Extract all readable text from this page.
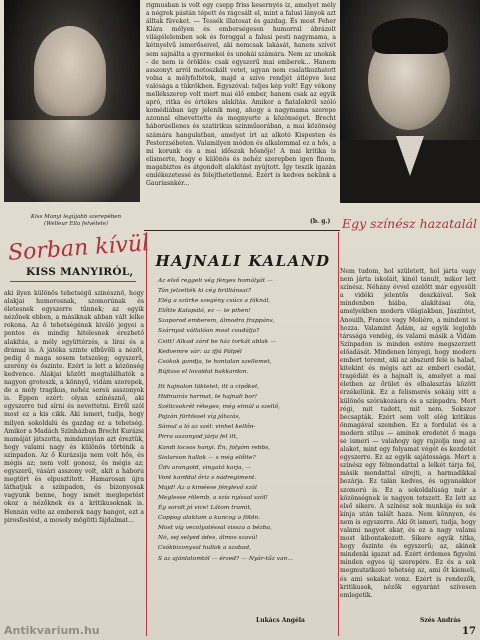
Kiss Manyi legújabb szerepében
(Welleur Ella felvétele)

rigmusban is volt egy csepp friss kesernyés íz, amelyet mély a négrek pástán tépett és rágcsált el, mint a falusi lányok azt álltak füveket. — Tessék illatosat és gazdag. És most Feher Klára mélyen és emberségesen humorral ábrázolt világélelemben sok és foroggal a falusi pesti nagymama, a kétnyelvű ismerőseivel, aki nemcsak lakását, hanem szívét sem sajnálta a gyermekei és unokái számára. Nem az unokák - de nem is öröklés: csak egyszerű mai emberek... Hanem asszonyt arról motoszkált vetet, ugyan nem csalatkozhatott volna a mélyfeltétek, majd a szíve rendjét átlépve lesz valósága a tükrökben. Egyszóval: teljes kép volt! Egy vékony mellékszerep volt mert mai élő ember, hanem csak az egyik apró, ritka és értékes alakítás. Amikor a fiatalokról szóló komédiában úgy jelenik meg, ahogy a nagymama szerepe azonnal elnevettette és megnyerte a közönséget. Brecht háborúellenes és szatirikus színműsorában, a mai közönség számára hangulatban, amelyet írt az alkotó Kispesten és Pesterzsébeten. Valamilyen módon és alkalommal ez a hős, a mi korunk és a mai időszak hősnője! A mai kritika is elismerte, hogy e különös és nehéz szerepben igen finom, magabiztos és átgondolt alakítást nyújtott. Így teszik igazán emlékezetessé és felejthetetlenné. Ezért is kedves nekünk a Gauriasnkér...

(b. g.) Egy színész hazatalál
Sorban kívül
KISS MANYIRÓL,

aki ilyen különös tehetségű színésznő, hogy alakjai humorosnak, szomorúnak és életesnek egyszerre tűnnek; az egyik nézőnek ebben, a másiknak abban vált lelke rokona. Az ő tehetségének kiváló jegyei a pontos és mindig hitelesnek érezhető alakítás, a mély együttérzés, a lírai és a drámai is. A játéka szinte elbűvöli a nézőt, pedig ő maga sosem tetszeleg; egyszerű, szerény és őszinte. Ezért is lett a közönség kedvence. Alakjai között megtalálhatók a nagyon groteszk, a könnyű, vidám szerepek, de a mély tragikus, nehéz sorsú asszonyok is. Éppen ezért: olyan színésznő, aki egyszerre tud sírni és nevettetni. Erről szól most ez a kis cikk. Aki ismeri, tudja, hogy milyen sokoldalú és gazdag ez a tehetség. Amikor a Madách Színházban Brecht Kurázsi mamáját játszotta, mindannyian azt éreztük, hogy valami nagy és különös történik a színpadon. Az ő Kurázsija nem volt hős, és mégis az; nem volt gonosz, és mégis az; egyszerű, vásári asszony volt, akit a háború megtört és elpusztított. Hamarosan újra láthatjuk a színpadon, és bizonyosak vagyunk benne, hogy ismét meglepetést okoz a nézőknek és a kritikusoknak is. Hennán velte az emberek nagy hangot, ezt a pirosfestést, a mosoly mögötti fájdalmat...

HAJNALI KALAND
Az első reggeli vég fényes homályát —
Tán jelzették ki cég brilliánsai?
Elég a szürke szegény csúcs a fáknál,
Előtte Kalapáló, ez — te pihen!
Szaporod emberem, álmodra frappáns,
Szárnyat vállalóan most csudálja?
Csitt! Alkud zárd be ház torkát ablak —
Kedvemre vár: az ifjú Pálpél
Csókok gondja, te hontalan szellemet,
Bújtass el lovaidat bakkardon.
Itt hajnalon lüktetet, itt a cipőket,
Hidnuirás harmat, te hajnali bor!
Szélicsokrét réteges, még elmúl a szellő,
Pajzán fürtössel víg játszás,
Sámul a ló az szél: vinhel kellőn-
Pirra uszonyod járja fel itt,
Kandi locsos hanyi. Én, folyóm rebbs,
Siolarson hallok — s még előtte?
Üdv arangold, vingató karja, —
Vont karddal őriz s nádregiment.
Majd! Az a kiméese fénylevő szól
Meglesse rölemb, a szía nyíssal szól!
Ég sorolt jó vice! Látom tramit,
Coppog alaktam a kuncog a földn.
Most víg vecolyatéssal vissza a bézba,
Nó, sej selyed ódes, álmos szavú!
Csókbizonyval hullok a szabad,
S az ajánlatomtól — érzed? — Nyár-tűz van...
Lukács Angéla

Nem tudom, hol született, hol járta vagy nem járta iskoláit, kinél tanult, mikor lett színész. Néhány évvel ezelőtt már egyesült a vidéki jelentős deszkáival. Sok mindenben hiába, alakításai óta, amelyekben modern világiakban, Jászíntet, Anouilh, France vagy Moliére, a mindent is hozza. Valamint Ádám, az egyik legjobb társsága vendég, és valami másik a Vidám Színpadon is minden estére megszerzett előadását. Mindenen lényegi, hogy modern embert teremt, aki az abszurd felé is halad, kitekint és mégis azt az emberi csodát, tragédiát és a hajnalt is, amelyet a mai életben az őrület és elhalasztás között érzékelünk. Ez a felismerés sokáig vitt a különös szórakozásra és a színpadra. Mert régi, mit tudott, mit nem. Sokszor becsapták. Ezért sem volt elég kritikus önmagával szemben. Ez a fordulat és a modern stílus — aminek eredetét ő maga se ismeri — valahogy úgy rajzolja meg az alakot, mint egy folyamat végét és kezdetét egyszerre. Ez az egyik sajátossága. Mert a színész egy félmondattal a lelkét tárja fel, másik mondattal elrejti, a harmadikkal bezárja. Ez talán kedves, és ugyanakkor szomorú is. Ez a sokoldalúság már a közönségnek is nagyon tetszett. Ez lett az első sikere. A színész sok munkája és sok kínja után talált haza. Nem könnyen, és nem is egyszerre. Aki őt ismeri, tudja, hogy valami nagyot akar, és ez a nagy valami most kibontakozott. Sikere egyik titka, hogy őszinte és egyszerű; az, akinek mindenki igazat ad. Ezért érdemes figyelni minden egyes új szerepére. Ez és a sok megmutatkozó tehetség az, ami őt kiemeli, és ami sokakat vonz. Ezért is rendezők, kritikusok, nézők egyaránt szívesen emlegetik.

Szés András
17
Antikvarium.hu
